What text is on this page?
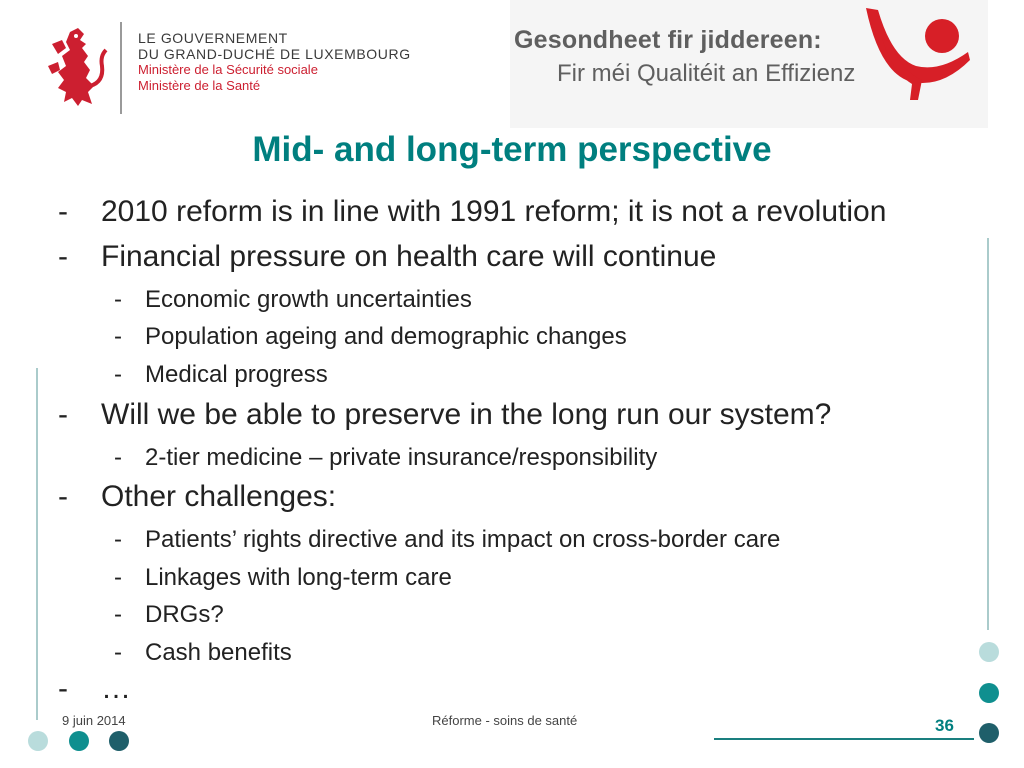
LE GOUVERNEMENT
DU GRAND-DUCHÉ DE LUXEMBOURG
Ministère de la Sécurité sociale
Ministère de la Santé
Gesondheet fir jiddereen:
Fir méi Qualitéit an Effizienz
Mid- and long-term perspective
- 2010 reform is in line with 1991 reform; it is not a revolution
- Financial pressure on health care will continue
- Economic growth uncertainties
- Population ageing and demographic changes
- Medical progress
- Will we be able to preserve in the long run our system?
- 2-tier medicine – private insurance/responsibility
- Other challenges:
- Patients’ rights directive and its impact on cross-border care
- Linkages with long-term care
- DRGs?
- Cash benefits
- …
9 juin 2014	Réforme - soins de santé	36
